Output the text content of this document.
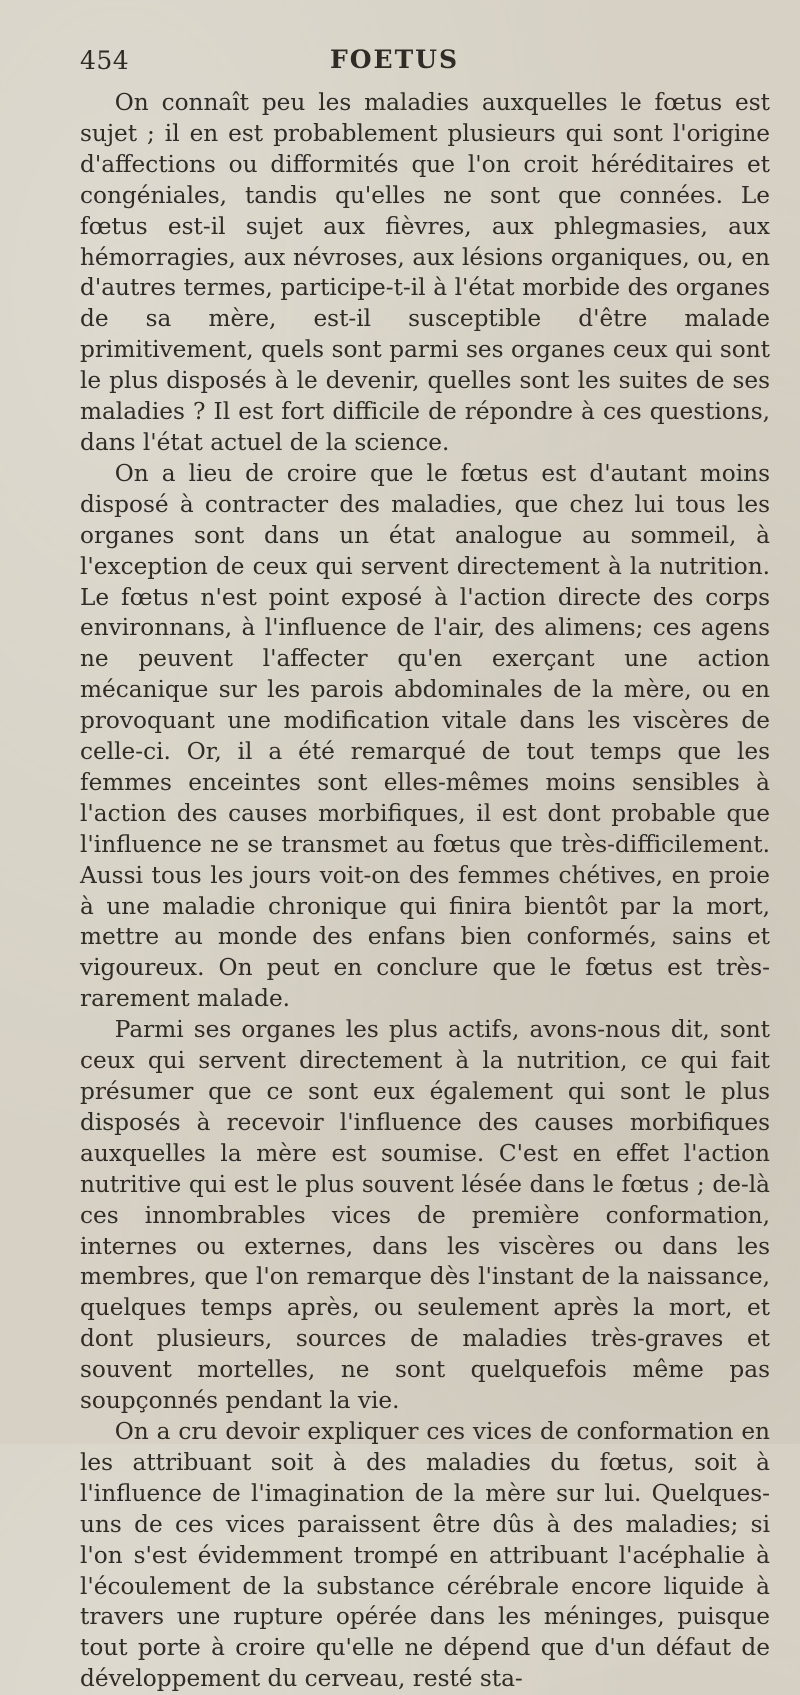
454	FOETUS

On connaît peu les maladies auxquelles le fœtus est sujet ; il en est probablement plusieurs qui sont l'origine d'affections ou difformités que l'on croit héréditaires et congéniales, tandis qu'elles ne sont que connées. Le fœtus est-il sujet aux fièvres, aux phlegmasies, aux hémorragies, aux névroses, aux lésions organiques, ou, en d'autres termes, participe-t-il à l'état morbide des organes de sa mère, est-il susceptible d'être malade primitivement, quels sont parmi ses organes ceux qui sont le plus disposés à le devenir, quelles sont les suites de ses maladies ? Il est fort difficile de répondre à ces questions, dans l'état actuel de la science.

On a lieu de croire que le fœtus est d'autant moins disposé à contracter des maladies, que chez lui tous les organes sont dans un état analogue au sommeil, à l'exception de ceux qui servent directement à la nutrition. Le fœtus n'est point exposé à l'action directe des corps environnans, à l'influence de l'air, des alimens; ces agens ne peuvent l'affecter qu'en exerçant une action mécanique sur les parois abdominales de la mère, ou en provoquant une modification vitale dans les viscères de celle-ci. Or, il a été remarqué de tout temps que les femmes enceintes sont elles-mêmes moins sensibles à l'action des causes morbifiques, il est dont probable que l'influence ne se transmet au fœtus que très-difficilement. Aussi tous les jours voit-on des femmes chétives, en proie à une maladie chronique qui finira bientôt par la mort, mettre au monde des enfans bien conformés, sains et vigoureux. On peut en conclure que le fœtus est très-rarement malade.

Parmi ses organes les plus actifs, avons-nous dit, sont ceux qui servent directement à la nutrition, ce qui fait présumer que ce sont eux également qui sont le plus disposés à recevoir l'influence des causes morbifiques auxquelles la mère est soumise. C'est en effet l'action nutritive qui est le plus souvent lésée dans le fœtus ; de-là ces innombrables vices de première conformation, internes ou externes, dans les viscères ou dans les membres, que l'on remarque dès l'instant de la naissance, quelques temps après, ou seulement après la mort, et dont plusieurs, sources de maladies très-graves et souvent mortelles, ne sont quelquefois même pas soupçonnés pendant la vie.

On a cru devoir expliquer ces vices de conformation en les attribuant soit à des maladies du fœtus, soit à l'influence de l'imagination de la mère sur lui. Quelques-uns de ces vices paraissent être dûs à des maladies; si l'on s'est évidemment trompé en attribuant l'acéphalie à l'écoulement de la substance cérébrale encore liquide à travers une rupture opérée dans les méninges, puisque tout porte à croire qu'elle ne dépend que d'un défaut de développement du cerveau, resté sta-
